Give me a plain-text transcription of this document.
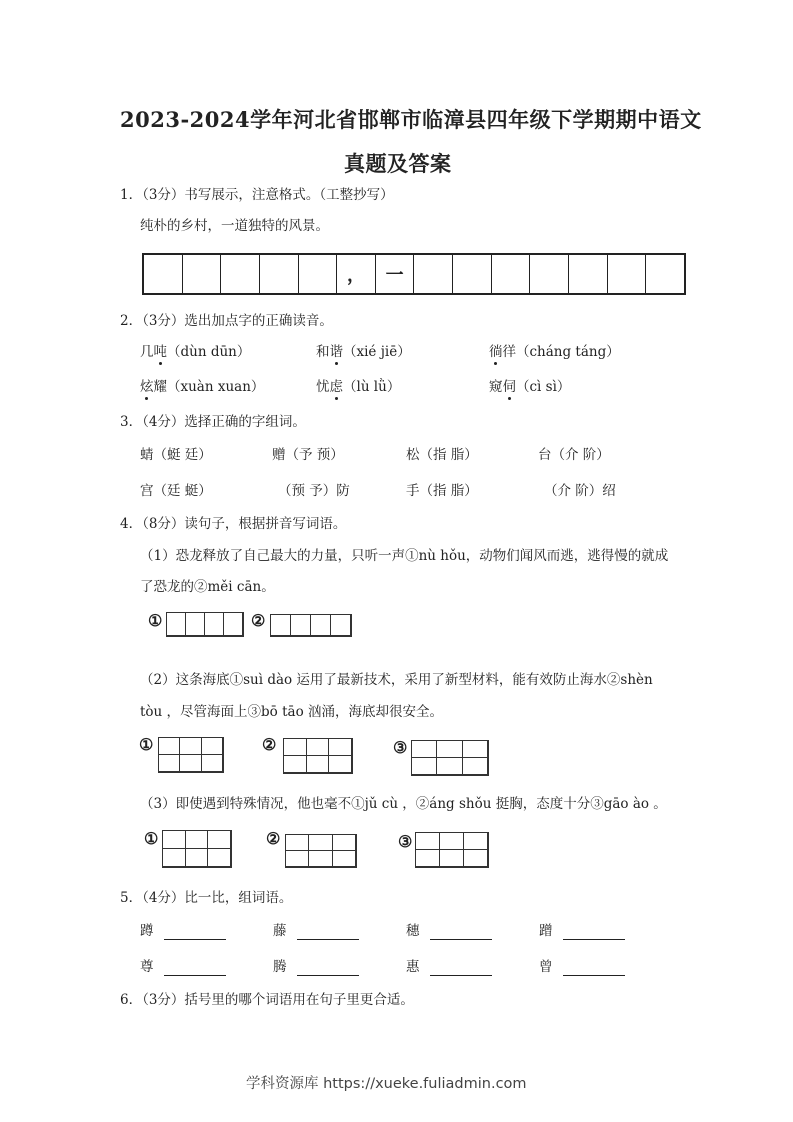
2023-2024学年河北省邯郸市临漳县四年级下学期期中语文
真题及答案
1．（3分）书写展示，注意格式。（工整抄写）
纯朴的乡村，一道独特的风景。
，	一
2．（3分）选出加点字的正确读音。
几吨（dùn dūn）	和谐（xié jiē）	徜徉（cháng táng）
炫耀（xuàn xuan）	忧虑（lù lǜ）	窥伺（cì sì）
3．（4分）选择正确的字组词。
蜻（蜓 廷）	赠（予 预）	松（指 脂）	台（介 阶）
宫（廷 蜓）	（预 予）防	手（指 脂）	（介 阶）绍
4．（8分）读句子，根据拼音写词语。
（1）恐龙释放了自己最大的力量，只听一声①nù hǒu，动物们闻风而逃，逃得慢的就成
了恐龙的②měi cān。
①	②
（2）这条海底①suì dào 运用了最新技术，采用了新型材料，能有效防止海水②shèn
tòu ，尽管海面上③bō tāo 汹涌，海底却很安全。
①	②	③
（3）即使遇到特殊情况，他也毫不①jǔ cù ，②áng shǒu 挺胸，态度十分③gāo ào 。
①	②	③
5．（4分）比一比，组词语。
蹲	藤	穗	蹭
尊	腾	惠	曾
6．（3分）括号里的哪个词语用在句子里更合适。
学科资源库 https://xueke.fuliadmin.com
